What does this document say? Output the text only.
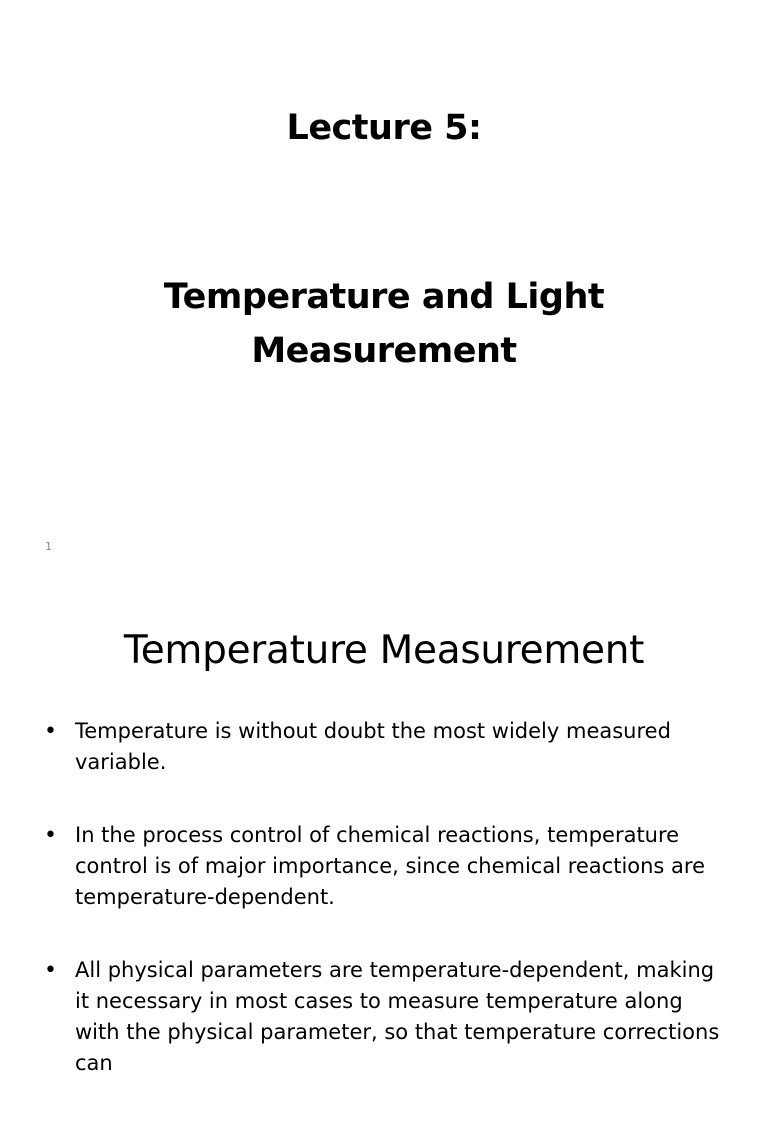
Lecture 5:
Temperature and Light
Measurement
1
Temperature Measurement
• Temperature is without doubt the most widely measured variable.
• In the process control of chemical reactions, temperature control is of major importance, since chemical reactions are temperature-dependent.
• All physical parameters are temperature-dependent, making it necessary in most cases to measure temperature along with the physical parameter, so that temperature corrections can
